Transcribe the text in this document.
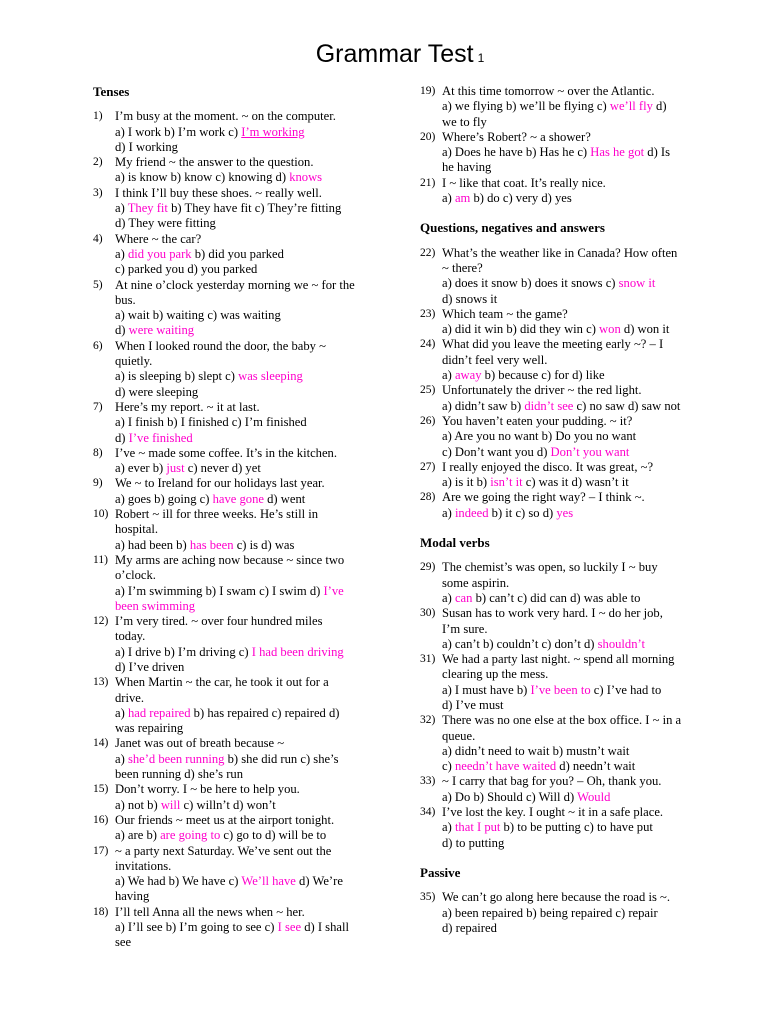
Grammar Test 1
Tenses
1) I’m busy at the moment. ~ on the computer.
a) I work b) I’m work c) I’m working
d) I working
2) My friend ~ the answer to the question.
a) is know b) know c) knowing d) knows
3) I think I’ll buy these shoes. ~ really well.
a) They fit b) They have fit c) They’re fitting
d) They were fitting
4) Where ~ the car?
a) did you park b) did you parked
c) parked you d) you parked
5) At nine o’clock yesterday morning we ~ for the
bus.
a) wait b) waiting c) was waiting
d) were waiting
6) When I looked round the door, the baby ~
quietly.
a) is sleeping b) slept c) was sleeping
d) were sleeping
7) Here’s my report. ~ it at last.
a) I finish b) I finished c) I’m finished
d) I’ve finished
8) I’ve ~ made some coffee. It’s in the kitchen.
a) ever b) just c) never d) yet
9) We ~ to Ireland for our holidays last year.
a) goes b) going c) have gone d) went
10) Robert ~ ill for three weeks. He’s still in
hospital.
a) had been b) has been c) is d) was
11) My arms are aching now because ~ since two
o’clock.
a) I’m swimming b) I swam c) I swim d) I’ve
been swimming
12) I’m very tired. ~ over four hundred miles
today.
a) I drive b) I’m driving c) I had been driving
d) I’ve driven
13) When Martin ~ the car, he took it out for a
drive.
a) had repaired b) has repaired c) repaired d)
was repairing
14) Janet was out of breath because ~
a) she’d been running b) she did run c) she’s
been running d) she’s run
15) Don’t worry. I ~ be here to help you.
a) not b) will c) willn’t d) won’t
16) Our friends ~ meet us at the airport tonight.
a) are b) are going to c) go to d) will be to
17) ~ a party next Saturday. We’ve sent out the
invitations.
a) We had b) We have c) We’ll have d) We’re
having
18) I’ll tell Anna all the news when ~ her.
a) I’ll see b) I’m going to see c) I see d) I shall
see
19) At this time tomorrow ~ over the Atlantic.
a) we flying b) we’ll be flying c) we’ll fly d)
we to fly
20) Where’s Robert? ~ a shower?
a) Does he have b) Has he c) Has he got d) Is
he having
21) I ~ like that coat. It’s really nice.
a) am b) do c) very d) yes
Questions, negatives and answers
22) What’s the weather like in Canada? How often
~ there?
a) does it snow b) does it snows c) snow it
d) snows it
23) Which team ~ the game?
a) did it win b) did they win c) won d) won it
24) What did you leave the meeting early ~? – I
didn’t feel very well.
a) away b) because c) for d) like
25) Unfortunately the driver ~ the red light.
a) didn’t saw b) didn’t see c) no saw d) saw not
26) You haven’t eaten your pudding. ~ it?
a) Are you no want b) Do you no want
c) Don’t want you d) Don’t you want
27) I really enjoyed the disco. It was great, ~?
a) is it b) isn’t it c) was it d) wasn’t it
28) Are we going the right way? – I think ~.
a) indeed b) it c) so d) yes
Modal verbs
29) The chemist’s was open, so luckily I ~ buy
some aspirin.
a) can b) can’t c) did can d) was able to
30) Susan has to work very hard. I ~ do her job,
I’m sure.
a) can’t b) couldn’t c) don’t d) shouldn’t
31) We had a party last night. ~ spend all morning
clearing up the mess.
a) I must have b) I’ve been to c) I’ve had to
d) I’ve must
32) There was no one else at the box office. I ~ in a
queue.
a) didn’t need to wait b) mustn’t wait
c) needn’t have waited d) needn’t wait
33) ~ I carry that bag for you? – Oh, thank you.
a) Do b) Should c) Will d) Would
34) I’ve lost the key. I ought ~ it in a safe place.
a) that I put b) to be putting c) to have put
d) to putting
Passive
35) We can’t go along here because the road is ~.
a) been repaired b) being repaired c) repair
d) repaired
